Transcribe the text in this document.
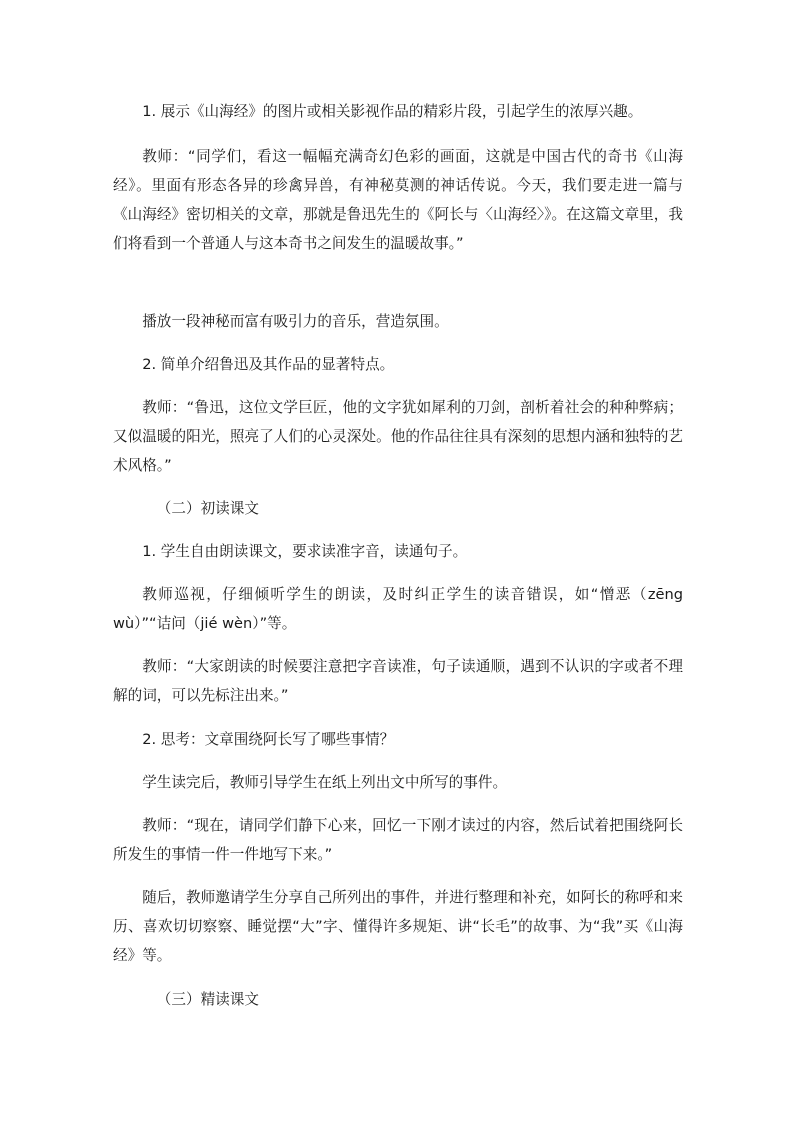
1. 展示《山海经》的图片或相关影视作品的精彩片段，引起学生的浓厚兴趣。

教师：“同学们，看这一幅幅充满奇幻色彩的画面，这就是中国古代的奇书《山海经》。里面有形态各异的珍禽异兽，有神秘莫测的神话传说。今天，我们要走进一篇与《山海经》密切相关的文章，那就是鲁迅先生的《阿长与〈山海经〉》。在这篇文章里，我们将看到一个普通人与这本奇书之间发生的温暖故事。”

播放一段神秘而富有吸引力的音乐，营造氛围。

2. 简单介绍鲁迅及其作品的显著特点。

教师：“鲁迅，这位文学巨匠，他的文字犹如犀利的刀剑，剖析着社会的种种弊病；又似温暖的阳光，照亮了人们的心灵深处。他的作品往往具有深刻的思想内涵和独特的艺术风格。”

（二）初读课文

1. 学生自由朗读课文，要求读准字音，读通句子。

教师巡视，仔细倾听学生的朗读，及时纠正学生的读音错误，如“憎恶（zēng wù）”“诘问（jié wèn）”等。

教师：“大家朗读的时候要注意把字音读准，句子读通顺，遇到不认识的字或者不理解的词，可以先标注出来。”

2. 思考：文章围绕阿长写了哪些事情？

学生读完后，教师引导学生在纸上列出文中所写的事件。

教师：“现在，请同学们静下心来，回忆一下刚才读过的内容，然后试着把围绕阿长所发生的事情一件一件地写下来。”

随后，教师邀请学生分享自己所列出的事件，并进行整理和补充，如阿长的称呼和来历、喜欢切切察察、睡觉摆“大”字、懂得许多规矩、讲“长毛”的故事、为“我”买《山海经》等。

（三）精读课文
